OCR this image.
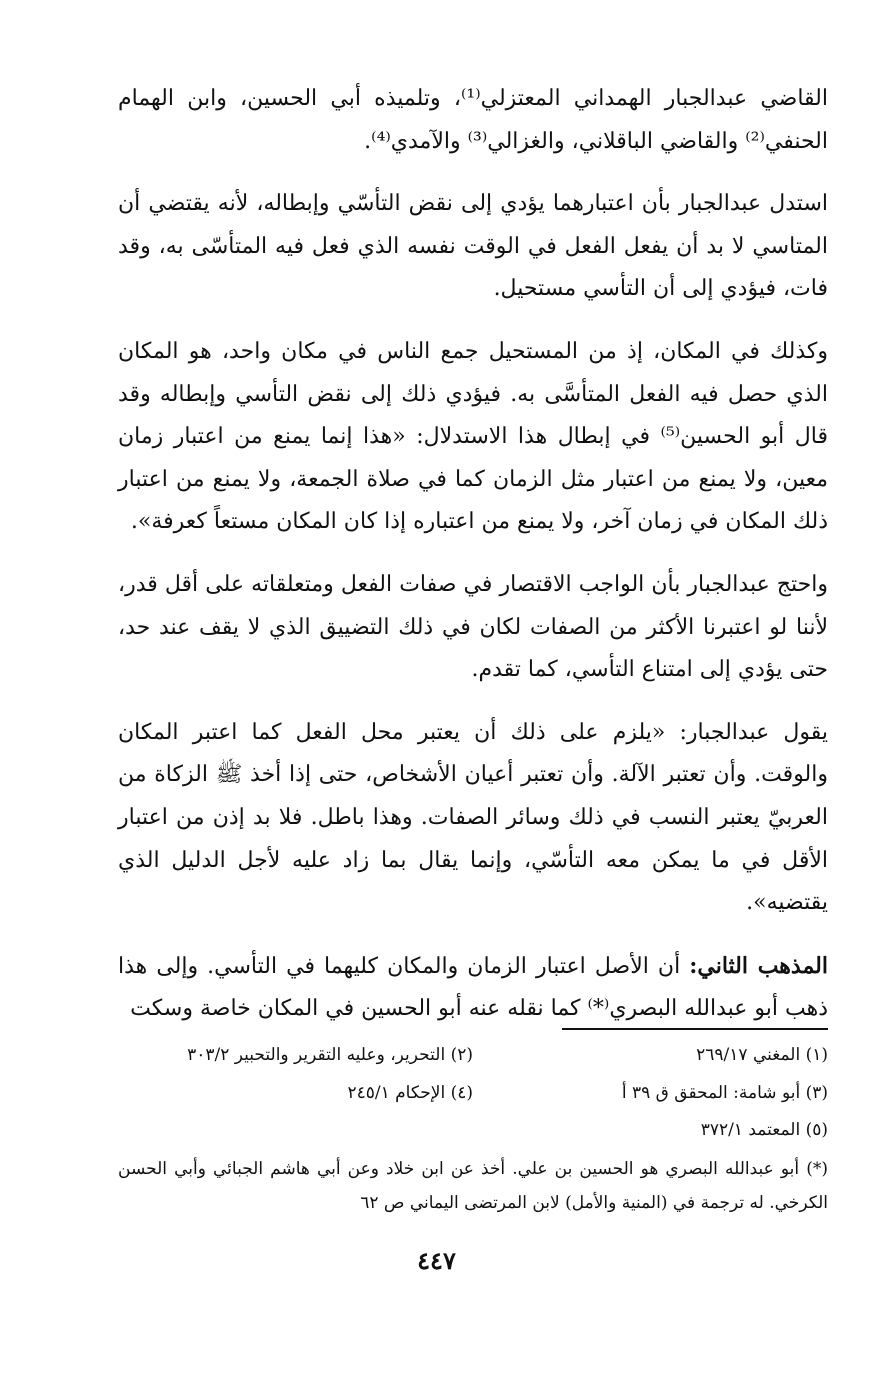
القاضي عبدالجبار الهمداني المعتزلي⁽¹⁾، وتلميذه أبي الحسين، وابن الهمام الحنفي⁽²⁾ والقاضي الباقلاني، والغزالي⁽³⁾ والآمدي⁽⁴⁾.

استدل عبدالجبار بأن اعتبارهما يؤدي إلى نقض التأسّي وإبطاله، لأنه يقتضي أن المتاسي لا بد أن يفعل الفعل في الوقت نفسه الذي فعل فيه المتأسّى به، وقد فات، فيؤدي إلى أن التأسي مستحيل.

وكذلك في المكان، إذ من المستحيل جمع الناس في مكان واحد، هو المكان الذي حصل فيه الفعل المتأسَّى به. فيؤدي ذلك إلى نقض التأسي وإبطاله وقد قال أبو الحسين⁽⁵⁾ في إبطال هذا الاستدلال: «هذا إنما يمنع من اعتبار زمان معين، ولا يمنع من اعتبار مثل الزمان كما في صلاة الجمعة، ولا يمنع من اعتبار ذلك المكان في زمان آخر، ولا يمنع من اعتباره إذا كان المكان مستعاً كعرفة».

واحتج عبدالجبار بأن الواجب الاقتصار في صفات الفعل ومتعلقاته على أقل قدر، لأننا لو اعتبرنا الأكثر من الصفات لكان في ذلك التضييق الذي لا يقف عند حد، حتى يؤدي إلى امتناع التأسي، كما تقدم.

يقول عبدالجبار: «يلزم على ذلك أن يعتبر محل الفعل كما اعتبر المكان والوقت. وأن تعتبر الآلة. وأن تعتبر أعيان الأشخاص، حتى إذا أخذ ﷺ الزكاة من العربيّ يعتبر النسب في ذلك وسائر الصفات. وهذا باطل. فلا بد إذن من اعتبار الأقل في ما يمكن معه التأسّي، وإنما يقال بما زاد عليه لأجل الدليل الذي يقتضيه».

المذهب الثاني: أن الأصل اعتبار الزمان والمكان كليهما في التأسي. وإلى هذا ذهب أبو عبدالله البصري⁽*⁾ كما نقله عنه أبو الحسين في المكان خاصة وسكت

(١) المغني ٢٦٩/١٧
(٢) التحرير، وعليه التقرير والتحبير ٣٠٣/٢
(٣) أبو شامة: المحقق ق ٣٩ أ
(٤) الإحكام ٢٤٥/١
(٥) المعتمد ٣٧٢/١
(*) أبو عبدالله البصري هو الحسين بن علي. أخذ عن ابن خلاد وعن أبي هاشم الجبائي وأبي الحسن الكرخي. له ترجمة في (المنية والأمل) لابن المرتضى اليماني ص ٦٢
٤٤٧
